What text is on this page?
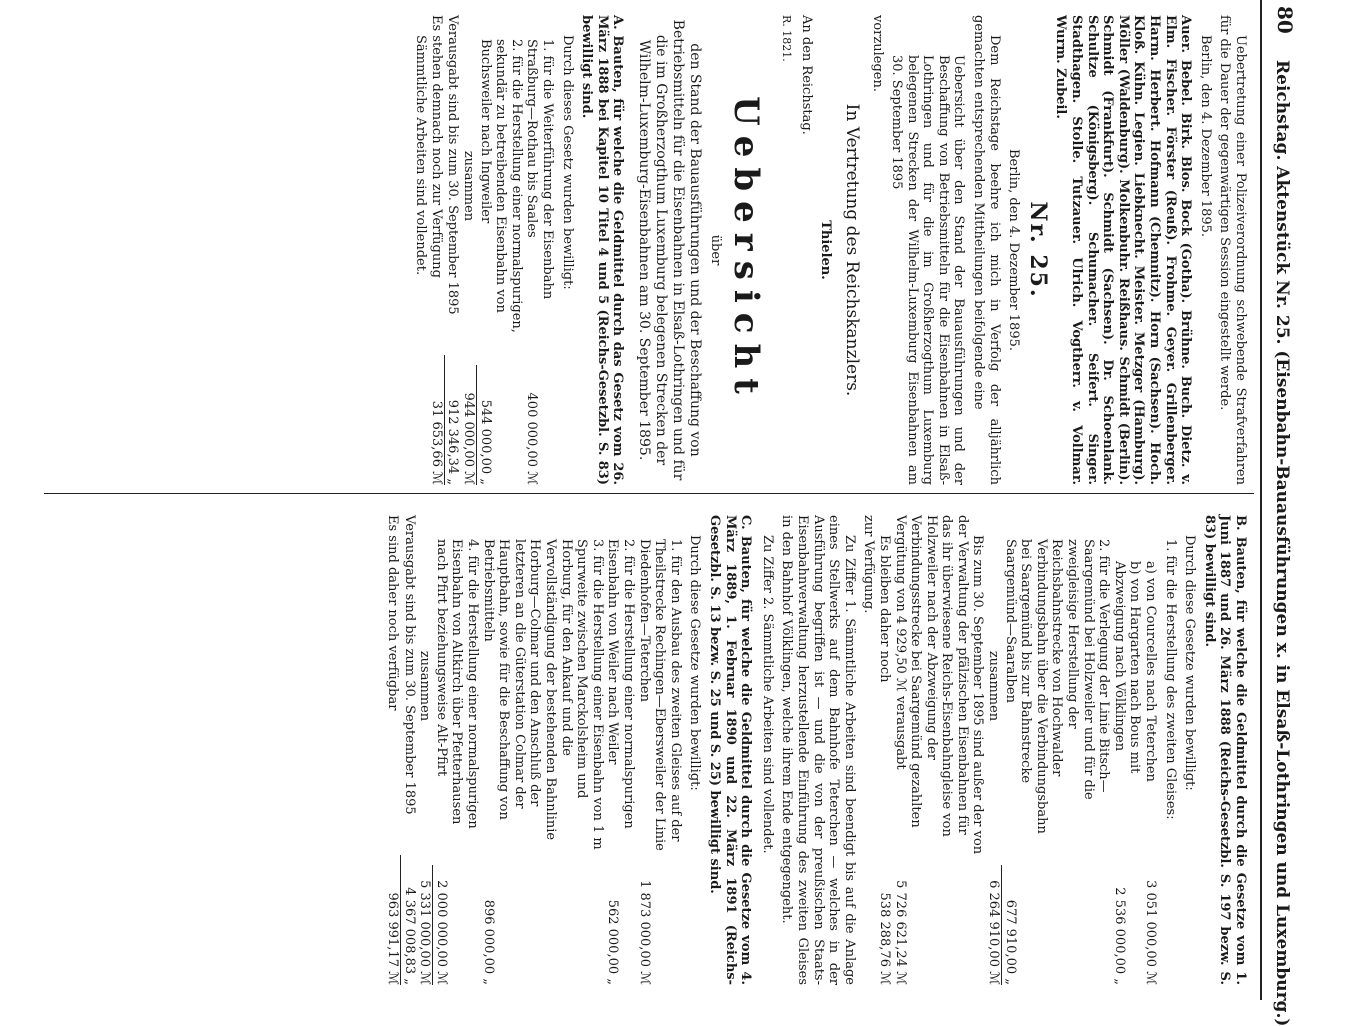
80
Reichstag. Aktenstück Nr. 25. (Eisenbahn-Bauausführungen x. in Elsaß-Lothringen und Luxemburg.)

Uebertretung einer Polizeiverordnung schwebende Strafverfahren für die Dauer der gegenwärtigen Session eingestellt werde.

Berlin, den 4. Dezember 1895.

Auer. Bebel. Birk. Blos. Bock (Gotha). Brühne. Buch. Dietz. v. Elm. Fischer. Förster (Reuß). Frohme. Geyer. Grillenberger. Harm. Herbert. Hofmann (Chemnitz). Horn (Sachsen). Hoch. Kloß. Kühn. Legien. Liebknecht. Meister. Metzger (Hamburg). Möller (Waldenburg). Molkenbuhr. Reißhaus. Schmidt (Berlin). Schmidt (Frankfurt). Schmidt (Sachsen). Dr. Schoenlank. Schultze (Königsberg). Schumacher. Seifert. Singer. Stadthagen. Stolle. Tutzauer. Ulrich. Vogtherr. v. Vollmar. Wurm. Zubeil.

Nr. 25.

Berlin, den 4. Dezember 1895.

Dem Reichstage beehre ich mich in Verfolg der alljährlich gemachten entsprechenden Mittheilungen beifolgende eine

Uebersicht über den Stand der Bauausführungen und der Beschaffung von Betriebsmitteln für die Eisenbahnen in Elsaß-Lothringen und für die im Großherzogthum Luxemburg belegenen Strecken der Wilhelm-Luxemburg Eisenbahnen am 30. September 1895

vorzulegen.

In Vertretung des Reichskanzlers.

Thielen.

An den Reichstag.

R. 1821.

Uebersicht

über

den Stand der Bauausführungen und der Beschaffung von Betriebsmitteln für die Eisenbahnen in Elsaß-Lothringen und für die im Großherzogthum Luxemburg belegenen Strecken der Wilhelm-Luxemburg-Eisenbahnen am 30. September 1895.

A. Bauten, für welche die Geldmittel durch das Gesetz vom 26. März 1888 bei Kapitel 10 Titel 4 und 5 (Reichs-Gesetzbl. S. 83) bewilligt sind.

Durch dieses Gesetz wurden bewilligt:

1. für die Weiterführung der Eisenbahn Straßburg—Rothau bis Saales
400 000,00 ℳ
2. für die Herstellung einer normalspurigen, sekundär zu betreibenden Eisenbahn von Buchsweiler nach Ingweiler
544 000,00 „
zusammen
944 000,00 ℳ
Verausgabt sind bis zum 30. September 1895
912 346,34 „
Es stehen demnach noch zur Verfügung
31 653,66 ℳ

Sämmtliche Arbeiten sind vollendet.

B. Bauten, für welche die Geldmittel durch die Gesetze vom 1. Juni 1887 und 26. März 1888 (Reichs-Gesetzbl. S. 197 bezw. S. 83) bewilligt sind.

Durch diese Gesetze wurden bewilligt:

1. für die Herstellung des zweiten Gleises:

a) von Courcelles nach Teterchen
3 051 000,00 ℳ
b) von Hargarten nach Bous mit Abzweigung nach Völklingen
2 536 000,00 „
2. für die Verlegung der Linie Bitsch—Saargemünd bei Holzweiler und für die zweigleisige Herstellung der Reichsbahnstrecke von Hochwalder Verbindungsbahn über die Verbindungsbahn bei Saargemünd bis zur Bahnstrecke Saargemünd—Saaralben
677 910,00 „
zusammen
6 264 910,00 ℳ
Bis zum 30. September 1895 sind außer der von der Verwaltung der pfälzischen Eisenbahnen für das ihr überwiesene Reichs-Eisenbahngleise von Holzweiler nach der Abzweigung der Verbindungsstrecke bei Saargemünd gezahlten Vergütung von 4 929,50 ℳ verausgabt
5 726 621,24 ℳ
Es bleiben daher noch
538 288,76 ℳ

zur Verfügung.

Zu Ziffer 1. Sämmtliche Arbeiten sind beendigt bis auf die Anlage eines Stellwerks auf dem Bahnhofe Teterchen — welches in der Ausführung begriffen ist — und die von der preußischen Staats-Eisenbahnverwaltung herzustellende Einführung des zweiten Gleises in den Bahnhof Völklingen, welche ihrem Ende entgegengeht.

Zu Ziffer 2. Sämmtliche Arbeiten sind vollendet.

C. Bauten, für welche die Geldmittel durch die Gesetze vom 4. März 1889, 1. Februar 1890 und 22. März 1891 (Reichs-Gesetzbl. S. 13 bezw. S. 25 und S. 25) bewilligt sind.

Durch diese Gesetze wurden bewilligt:

1. für den Ausbau des zweiten Gleises auf der Theilstrecke Rechingen—Ebersweiler der Linie Diedenhofen—Teterchen
1 873 000,00 ℳ
2. für die Herstellung einer normalspurigen Eisenbahn von Weiler nach Weiler
562 000,00 „
3. für die Herstellung einer Eisenbahn von 1 m Spurweite zwischen Marckolsheim und Horburg, für den Ankauf und die Vervollständigung der bestehenden Bahnlinie Horburg—Colmar und den Anschluß der letzteren an die Güterstation Colmar der Hauptbahn, sowie für die Beschaffung von Betriebsmitteln
896 000,00 „
4. für die Herstellung einer normalspurigen Eisenbahn von Altkirch über Pfetterhausen nach Pfirt beziehungsweise Alt-Pfirt
2 000 000,00 ℳ
zusammen
5 331 000,00 ℳ
Verausgabt sind bis zum 30. September 1895
4 367 008,83 „
Es sind daher noch verfügbar
963 991,17 ℳ
